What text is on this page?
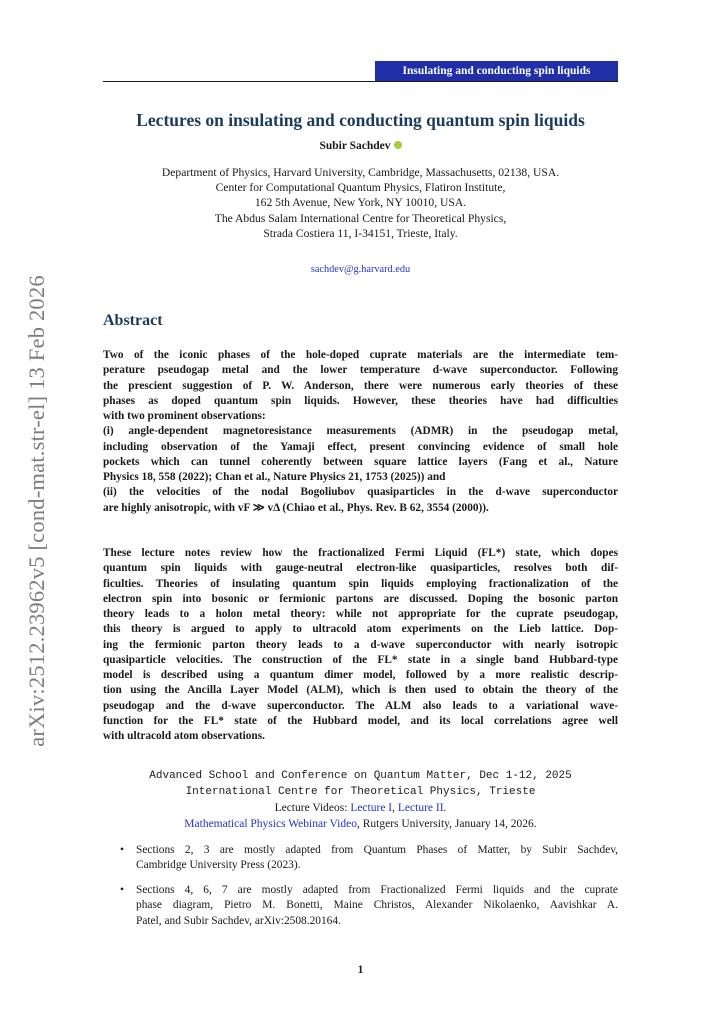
Insulating and conducting spin liquids
arXiv:2512.23962v5 [cond-mat.str-el] 13 Feb 2026
Lectures on insulating and conducting quantum spin liquids
Subir Sachdev
Department of Physics, Harvard University, Cambridge, Massachusetts, 02138, USA.
Center for Computational Quantum Physics, Flatiron Institute,
162 5th Avenue, New York, NY 10010, USA.
The Abdus Salam International Centre for Theoretical Physics,
Strada Costiera 11, I-34151, Trieste, Italy.
sachdev@g.harvard.edu
Abstract
Two of the iconic phases of the hole-doped cuprate materials are the intermediate tem-
perature pseudogap metal and the lower temperature d-wave superconductor. Following
the prescient suggestion of P. W. Anderson, there were numerous early theories of these
phases as doped quantum spin liquids. However, these theories have had difficulties
with two prominent observations:
(i) angle-dependent magnetoresistance measurements (ADMR) in the pseudogap metal,
including observation of the Yamaji effect, present convincing evidence of small hole
pockets which can tunnel coherently between square lattice layers (Fang et al., Nature
Physics 18, 558 (2022); Chan et al., Nature Physics 21, 1753 (2025)) and
(ii) the velocities of the nodal Bogoliubov quasiparticles in the d-wave superconductor
are highly anisotropic, with vF ≫ vΔ (Chiao et al., Phys. Rev. B 62, 3554 (2000)).
These lecture notes review how the fractionalized Fermi Liquid (FL*) state, which dopes
quantum spin liquids with gauge-neutral electron-like quasiparticles, resolves both dif-
ficulties. Theories of insulating quantum spin liquids employing fractionalization of the
electron spin into bosonic or fermionic partons are discussed. Doping the bosonic parton
theory leads to a holon metal theory: while not appropriate for the cuprate pseudogap,
this theory is argued to apply to ultracold atom experiments on the Lieb lattice. Dop-
ing the fermionic parton theory leads to a d-wave superconductor with nearly isotropic
quasiparticle velocities. The construction of the FL* state in a single band Hubbard-type
model is described using a quantum dimer model, followed by a more realistic descrip-
tion using the Ancilla Layer Model (ALM), which is then used to obtain the theory of the
pseudogap and the d-wave superconductor. The ALM also leads to a variational wave-
function for the FL* state of the Hubbard model, and its local correlations agree well
with ultracold atom observations.
Advanced School and Conference on Quantum Matter, Dec 1-12, 2025
International Centre for Theoretical Physics, Trieste
Lecture Videos: Lecture I, Lecture II.
Mathematical Physics Webinar Video, Rutgers University, January 14, 2026.
• Sections 2, 3 are mostly adapted from Quantum Phases of Matter, by Subir Sachdev,
Cambridge University Press (2023).
• Sections 4, 6, 7 are mostly adapted from Fractionalized Fermi liquids and the cuprate
phase diagram, Pietro M. Bonetti, Maine Christos, Alexander Nikolaenko, Aavishkar A.
Patel, and Subir Sachdev, arXiv:2508.20164.
1
